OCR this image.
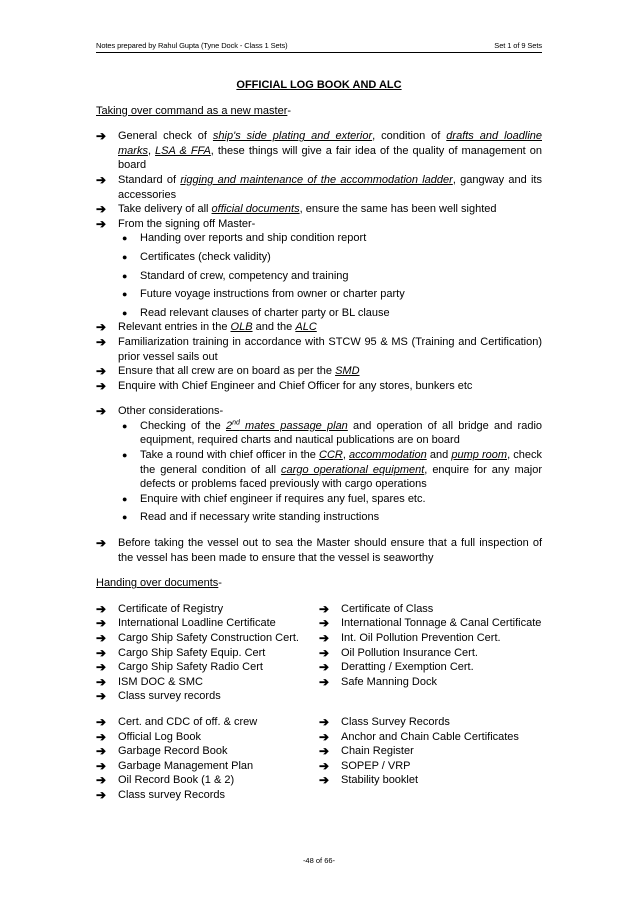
Notes prepared by Rahul Gupta (Tyne Dock - Class 1 Sets)	Set 1 of 9 Sets
OFFICIAL LOG BOOK AND ALC
Taking over command as a new master-
➔ General check of ship's side plating and exterior, condition of drafts and loadline marks, LSA & FFA, these things will give a fair idea of the quality of management on board
➔ Standard of rigging and maintenance of the accommodation ladder, gangway and its accessories
➔ Take delivery of all official documents, ensure the same has been well sighted
➔ From the signing off Master-
● Handing over reports and ship condition report
● Certificates (check validity)
● Standard of crew, competency and training
● Future voyage instructions from owner or charter party
● Read relevant clauses of charter party or BL clause
➔ Relevant entries in the OLB and the ALC
➔ Familiarization training in accordance with STCW 95 & MS (Training and Certification) prior vessel sails out
➔ Ensure that all crew are on board as per the SMD
➔ Enquire with Chief Engineer and Chief Officer for any stores, bunkers etc
➔ Other considerations-
● Checking of the 2nd mates passage plan and operation of all bridge and radio equipment, required charts and nautical publications are on board
● Take a round with chief officer in the CCR, accommodation and pump room, check the general condition of all cargo operational equipment, enquire for any major defects or problems faced previously with cargo operations
● Enquire with chief engineer if requires any fuel, spares etc.
● Read and if necessary write standing instructions
➔ Before taking the vessel out to sea the Master should ensure that a full inspection of the vessel has been made to ensure that the vessel is seaworthy
Handing over documents-
➔ Certificate of Registry
➔ International Loadline Certificate
➔ Cargo Ship Safety Construction Cert.
➔ Cargo Ship Safety Equip. Cert
➔ Cargo Ship Safety Radio Cert
➔ ISM DOC & SMC
➔ Class survey records
➔ Certificate of Class
➔ International Tonnage & Canal Certificate
➔ Int. Oil Pollution Prevention Cert.
➔ Oil Pollution Insurance Cert.
➔ Deratting / Exemption Cert.
➔ Safe Manning Dock
➔ Cert. and CDC of off. & crew
➔ Official Log Book
➔ Garbage Record Book
➔ Garbage Management Plan
➔ Oil Record Book (1 & 2)
➔ Class survey Records
➔ Class Survey Records
➔ Anchor and Chain Cable Certificates
➔ Chain Register
➔ SOPEP / VRP
➔ Stability booklet
-48 of 66-
